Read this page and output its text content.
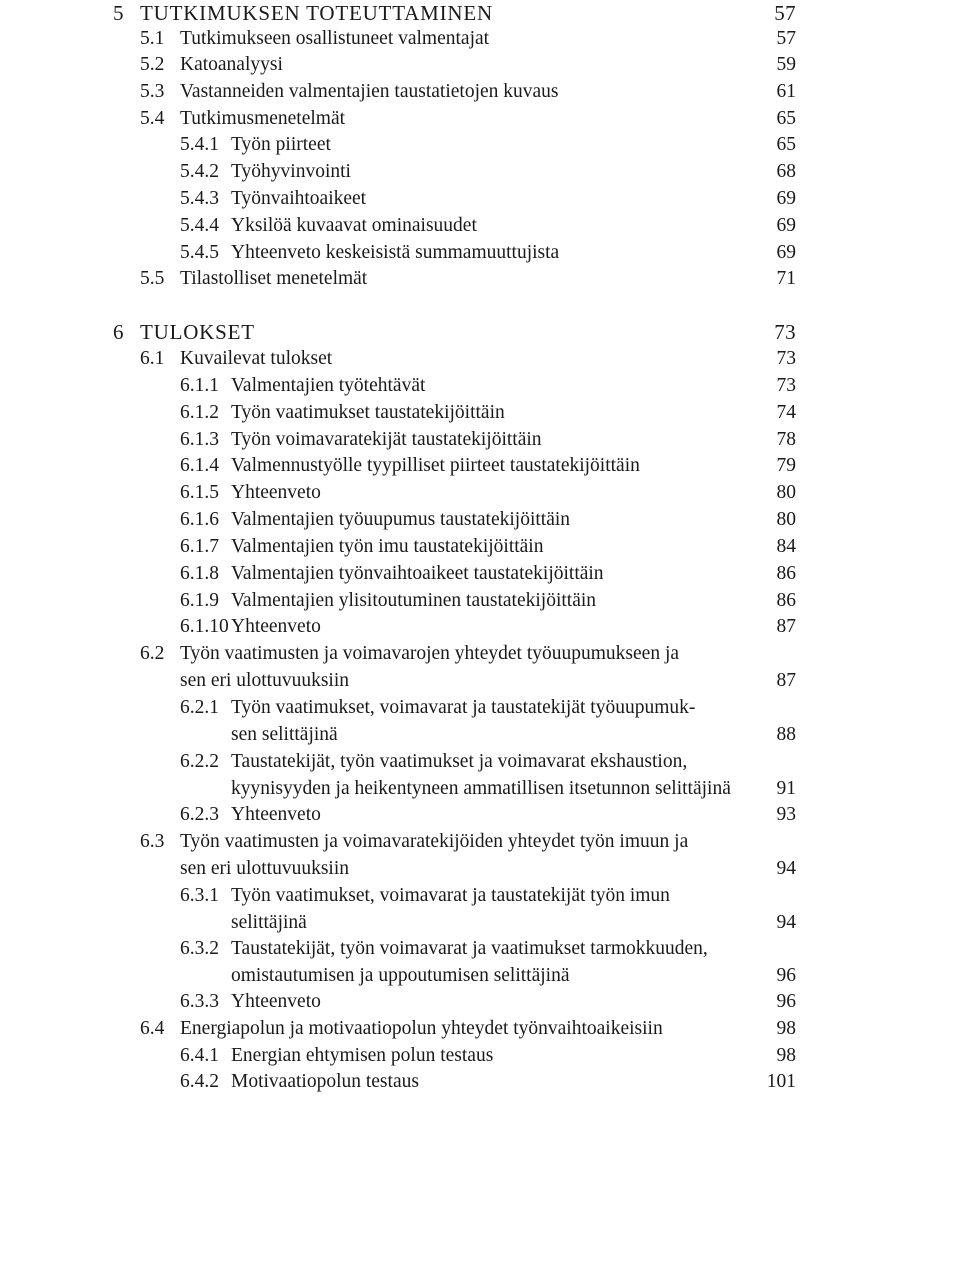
5 TUTKIMUKSEN TOTEUTTAMINEN	57
5.1 Tutkimukseen osallistuneet valmentajat	57
5.2 Katoanalyysi	59
5.3 Vastanneiden valmentajien taustatietojen kuvaus	61
5.4 Tutkimusmenetelmät	65
5.4.1 Työn piirteet	65
5.4.2 Työhyvinvointi	68
5.4.3 Työnvaihtoaikeet	69
5.4.4 Yksilöä kuvaavat ominaisuudet	69
5.4.5 Yhteenveto keskeisistä summamuuttujista	69
5.5 Tilastolliset menetelmät	71
6 TULOKSET	73
6.1 Kuvailevat tulokset	73
6.1.1 Valmentajien työtehtävät	73
6.1.2 Työn vaatimukset taustatekijöittäin	74
6.1.3 Työn voimavaratekijät taustatekijöittäin	78
6.1.4 Valmennustyölle tyypilliset piirteet taustatekijöittäin	79
6.1.5 Yhteenveto	80
6.1.6 Valmentajien työuupumus taustatekijöittäin	80
6.1.7 Valmentajien työn imu taustatekijöittäin	84
6.1.8 Valmentajien työnvaihtoaikeet taustatekijöittäin	86
6.1.9 Valmentajien ylisitoutuminen taustatekijöittäin	86
6.1.10 Yhteenveto	87
6.2 Työn vaatimusten ja voimavarojen yhteydet työuupumukseen ja
sen eri ulottuvuuksiin	87
6.2.1 Työn vaatimukset, voimavarat ja taustatekijät työuupumuk-
sen selittäjinä	88
6.2.2 Taustatekijät, työn vaatimukset ja voimavarat ekshaustion,
kyynisyyden ja heikentyneen ammatillisen itsetunnon selittäjinä 91
6.2.3 Yhteenveto	93
6.3 Työn vaatimusten ja voimavaratekijöiden yhteydet työn imuun ja
sen eri ulottuvuuksiin	94
6.3.1 Työn vaatimukset, voimavarat ja taustatekijät työn imun
selittäjinä	94
6.3.2 Taustatekijät, työn voimavarat ja vaatimukset tarmokkuuden,
omistautumisen ja uppoutumisen selittäjinä	96
6.3.3 Yhteenveto	96
6.4 Energiapolun ja motivaatiopolun yhteydet työnvaihtoaikeisiin	98
6.4.1 Energian ehtymisen polun testaus	98
6.4.2 Motivaatiopolun testaus	101
